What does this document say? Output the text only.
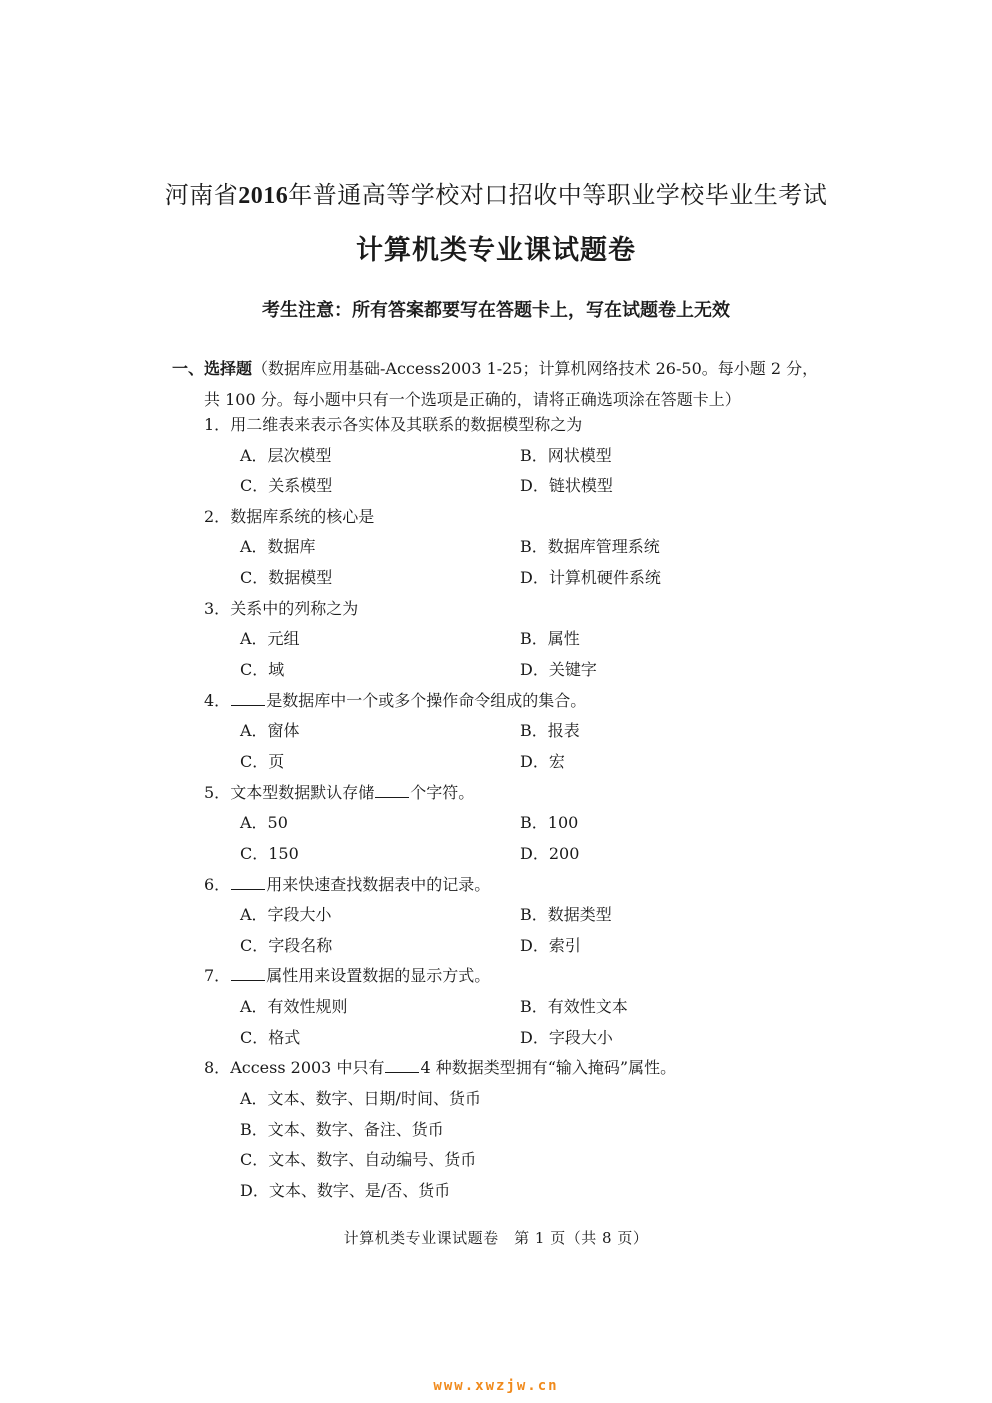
河南省2016年普通高等学校对口招收中等职业学校毕业生考试
计算机类专业课试题卷
考生注意：所有答案都要写在答题卡上，写在试题卷上无效
一、选择题（数据库应用基础-Access2003 1-25；计算机网络技术 26-50。每小题 2 分，
共 100 分。每小题中只有一个选项是正确的，请将正确选项涂在答题卡上）
1．用二维表来表示各实体及其联系的数据模型称之为
A．层次模型	B．网状模型
C．关系模型	D．链状模型
2．数据库系统的核心是
A．数据库	B．数据库管理系统
C．数据模型	D．计算机硬件系统
3．关系中的列称之为
A．元组	B．属性
C．域	D．关键字
4． 是数据库中一个或多个操作命令组成的集合。
A．窗体	B．报表
C．页	D．宏
5．文本型数据默认存储 个字符。
A．50	B．100
C．150	D．200
6． 用来快速查找数据表中的记录。
A．字段大小	B．数据类型
C．字段名称	D．索引
7． 属性用来设置数据的显示方式。
A．有效性规则	B．有效性文本
C．格式	D．字段大小
8．Access 2003 中只有 4 种数据类型拥有“输入掩码”属性。
A．文本、数字、日期/时间、货币
B．文本、数字、备注、货币
C．文本、数字、自动编号、货币
D．文本、数字、是/否、货币
计算机类专业课试题卷　第 1 页（共 8 页）
www.xwzjw.cn
